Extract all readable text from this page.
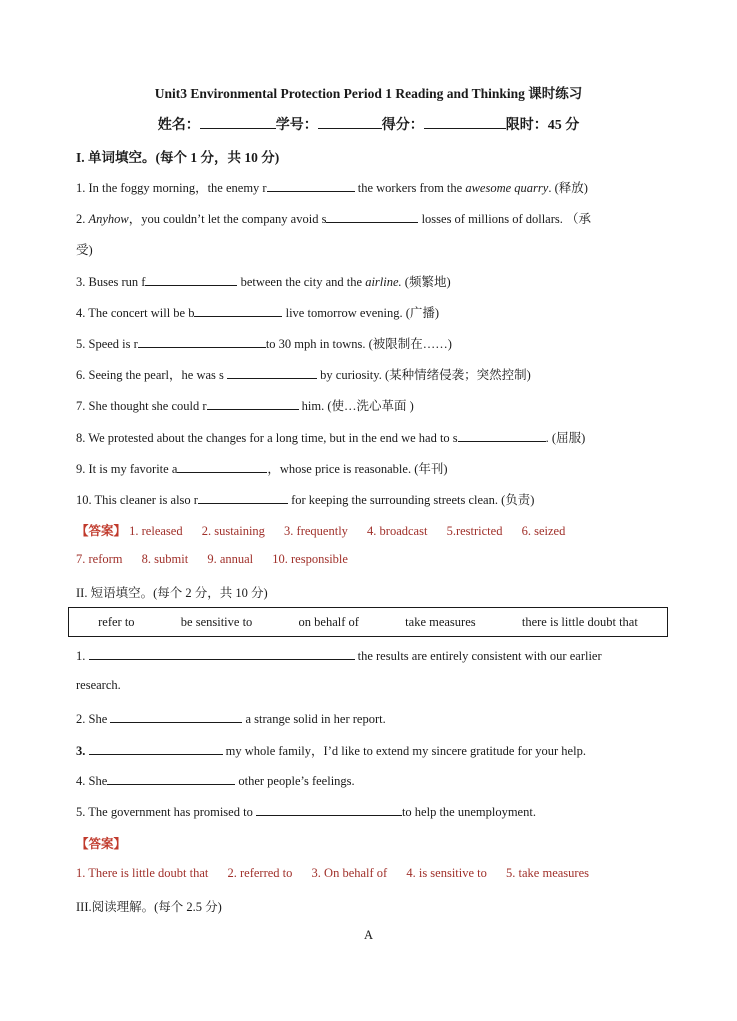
Unit3 Environmental Protection Period 1 Reading and Thinking 课时练习
姓名：	学号：	得分：	限时：45 分
I. 单词填空。(每个 1 分，共 10 分)
1. In the foggy morning，the enemy r	the workers from the awesome quarry. (释放)
2. Anyhow，you couldn’t let the company avoid s	losses of millions of dollars. （承
受)
3. Buses run f	between the city and the airline. (频繁地)
4. The concert will be b	live tomorrow evening. (广播)
5. Speed is r	to 30 mph in towns. (被限制在……)
6. Seeing the pearl，he was s	by curiosity. (某种情绪侵袭；突然控制)
7. She thought she could r	him. (使…洗心革面 )
8. We protested about the changes for a long time, but in the end we had to s	. (屈服)
9. It is my favorite a	，whose price is reasonable. (年刊)
10. This cleaner is also r	for keeping the surrounding streets clean. (负责)
【答案】 1. released 2. sustaining 3. frequently 4. broadcast 5.restricted 6. seized
7. reform 8. submit 9. annual 10. responsible
II. 短语填空。(每个 2 分，共 10 分)
refer to	be sensitive to	on behalf of	take measures	there is little doubt that
1.	the results are entirely consistent with our earlier
research.
2. She	a strange solid in her report.
3.	my whole family，I’d like to extend my sincere gratitude for your help.
4. She	other people’s feelings.
5. The government has promised to	to help the unemployment.
【答案】
1. There is little doubt that 2. referred to 3. On behalf of 4. is sensitive to 5. take measures
III.阅读理解。(每个 2.5 分)
A
